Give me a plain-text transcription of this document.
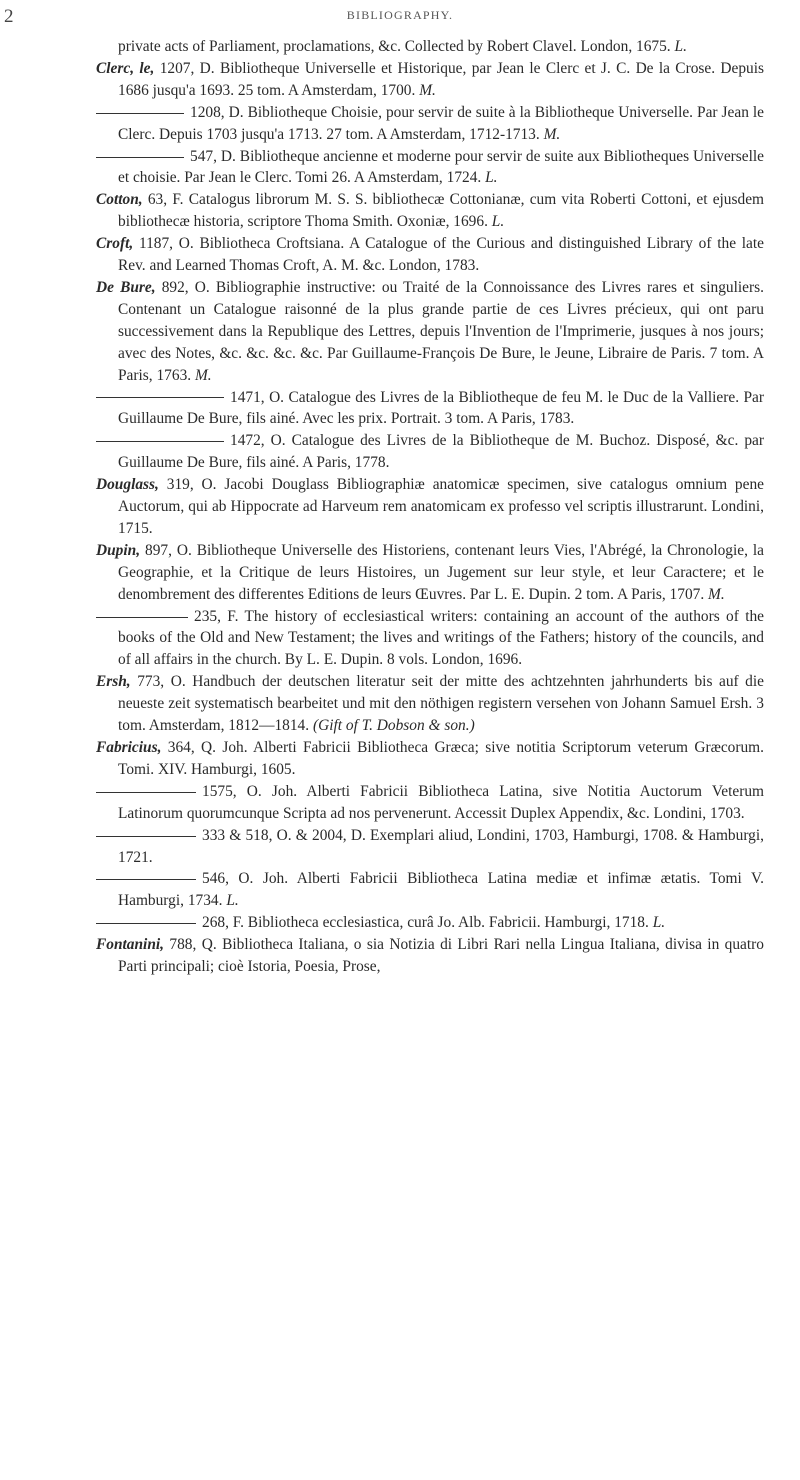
2	BIBLIOGRAPHY.

private acts of Parliament, proclamations, &c. Collected by Robert Clavel. London, 1675. L.

Clerc, le, 1207, D. Bibliotheque Universelle et Historique, par Jean le Clerc et J. C. De la Crose. Depuis 1686 jusqu'a 1693. 25 tom. A Amsterdam, 1700. M.

1208, D. Bibliotheque Choisie, pour servir de suite à la Bibliotheque Universelle. Par Jean le Clerc. Depuis 1703 jusqu'a 1713. 27 tom. A Amsterdam, 1712-1713. M.

547, D. Bibliotheque ancienne et moderne pour servir de suite aux Bibliotheques Universelle et choisie. Par Jean le Clerc. Tomi 26. A Amsterdam, 1724. L.

Cotton, 63, F. Catalogus librorum M. S. S. bibliothecæ Cottonianæ, cum vita Roberti Cottoni, et ejusdem bibliothecæ historia, scriptore Thoma Smith. Oxoniæ, 1696. L.

Croft, 1187, O. Bibliotheca Croftsiana. A Catalogue of the Curious and distinguished Library of the late Rev. and Learned Thomas Croft, A. M. &c. London, 1783.

De Bure, 892, O. Bibliographie instructive: ou Traité de la Connoissance des Livres rares et singuliers. Contenant un Catalogue raisonné de la plus grande partie de ces Livres précieux, qui ont paru successivement dans la Republique des Lettres, depuis l'Invention de l'Imprimerie, jusques à nos jours; avec des Notes, &c. &c. &c. &c. Par Guillaume-François De Bure, le Jeune, Libraire de Paris. 7 tom. A Paris, 1763. M.

1471, O. Catalogue des Livres de la Bibliotheque de feu M. le Duc de la Valliere. Par Guillaume De Bure, fils ainé. Avec les prix. Portrait. 3 tom. A Paris, 1783.

1472, O. Catalogue des Livres de la Bibliotheque de M. Buchoz. Disposé, &c. par Guillaume De Bure, fils ainé. A Paris, 1778.

Douglass, 319, O. Jacobi Douglass Bibliographiæ anatomicæ specimen, sive catalogus omnium pene Auctorum, qui ab Hippocrate ad Harveum rem anatomicam ex professo vel scriptis illustrarunt. Londini, 1715.

Dupin, 897, O. Bibliotheque Universelle des Historiens, contenant leurs Vies, l'Abrégé, la Chronologie, la Geographie, et la Critique de leurs Histoires, un Jugement sur leur style, et leur Caractere; et le denombrement des differentes Editions de leurs Œuvres. Par L. E. Dupin. 2 tom. A Paris, 1707. M.

235, F. The history of ecclesiastical writers: containing an account of the authors of the books of the Old and New Testament; the lives and writings of the Fathers; history of the councils, and of all affairs in the church. By L. E. Dupin. 8 vols. London, 1696.

Ersh, 773, O. Handbuch der deutschen literatur seit der mitte des achtzehnten jahrhunderts bis auf die neueste zeit systematisch bearbeitet und mit den nöthigen registern versehen von Johann Samuel Ersh. 3 tom. Amsterdam, 1812—1814. (Gift of T. Dobson & son.)

Fabricius, 364, Q. Joh. Alberti Fabricii Bibliotheca Græca; sive notitia Scriptorum veterum Græcorum. Tomi. XIV. Hamburgi, 1605.

1575, O. Joh. Alberti Fabricii Bibliotheca Latina, sive Notitia Auctorum Veterum Latinorum quorumcunque Scripta ad nos pervenerunt. Accessit Duplex Appendix, &c. Londini, 1703.

333 & 518, O. & 2004, D. Exemplari aliud, Londini, 1703, Hamburgi, 1708. & Hamburgi, 1721.

546, O. Joh. Alberti Fabricii Bibliotheca Latina mediæ et infimæ ætatis. Tomi V. Hamburgi, 1734. L.

268, F. Bibliotheca ecclesiastica, curâ Jo. Alb. Fabricii. Hamburgi, 1718. L.

Fontanini, 788, Q. Bibliotheca Italiana, o sia Notizia di Libri Rari nella Lingua Italiana, divisa in quatro Parti principali; cioè Istoria, Poesia, Prose,
